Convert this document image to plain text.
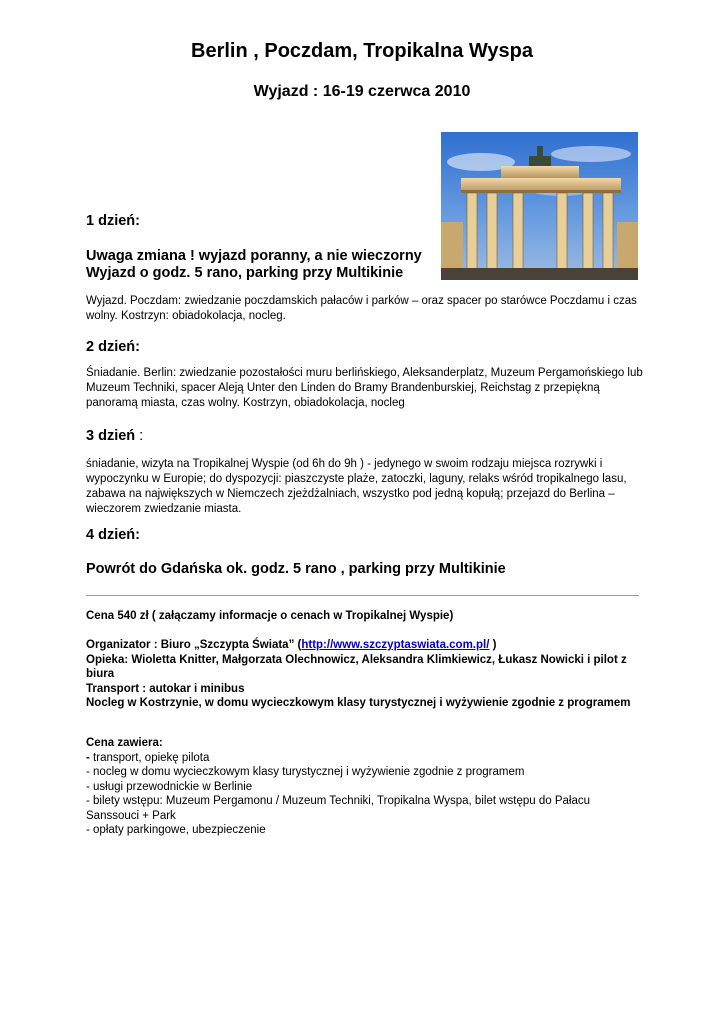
Berlin , Poczdam, Tropikalna Wyspa
Wyjazd : 16-19 czerwca 2010
1 dzień:
Uwaga zmiana ! wyjazd poranny, a nie wieczorny
Wyjazd o godz. 5 rano, parking przy Multikinie
Wyjazd. Poczdam: zwiedzanie poczdamskich pałaców i parków – oraz spacer po starówce Poczdamu i czas wolny. Kostrzyn: obiadokolacja, nocleg.
2 dzień:
Śniadanie. Berlin: zwiedzanie pozostałości muru berlińskiego, Aleksanderplatz, Muzeum Pergamońskiego lub Muzeum Techniki, spacer Aleją Unter den Linden do Bramy Brandenburskiej, Reichstag z przepiękną panoramą miasta, czas wolny. Kostrzyn, obiadokolacja, nocleg
3 dzień :
śniadanie, wizyta na Tropikalnej Wyspie (od 6h do 9h ) - jedynego w swoim rodzaju miejsca rozrywki i wypoczynku w Europie; do dyspozycji: piaszczyste plaże, zatoczki, laguny, relaks wśród tropikalnego lasu, zabawa na największych w Niemczech zjeżdżalniach, wszystko pod jedną kopułą; przejazd do Berlina – wieczorem zwiedzanie miasta.
4 dzień:
Powrót do Gdańska ok. godz. 5 rano , parking przy Multikinie
Cena 540 zł ( załączamy informacje o cenach w Tropikalnej Wyspie)
Organizator : Biuro „Szczypta Świata” (http://www.szczyptaswiata.com.pl/ )
Opieka: Wioletta Knitter, Małgorzata Olechnowicz, Aleksandra Klimkiewicz, Łukasz Nowicki i pilot z biura
Transport : autokar i minibus
Nocleg w Kostrzynie, w domu wycieczkowym klasy turystycznej i wyżywienie zgodnie z programem
Cena zawiera:
- transport, opiekę pilota
- nocleg w domu wycieczkowym klasy turystycznej i wyżywienie zgodnie z programem
- usługi przewodnickie w Berlinie
- bilety wstępu: Muzeum Pergamonu / Muzeum Techniki, Tropikalna Wyspa, bilet wstępu do Pałacu Sanssouci + Park
- opłaty parkingowe, ubezpieczenie
